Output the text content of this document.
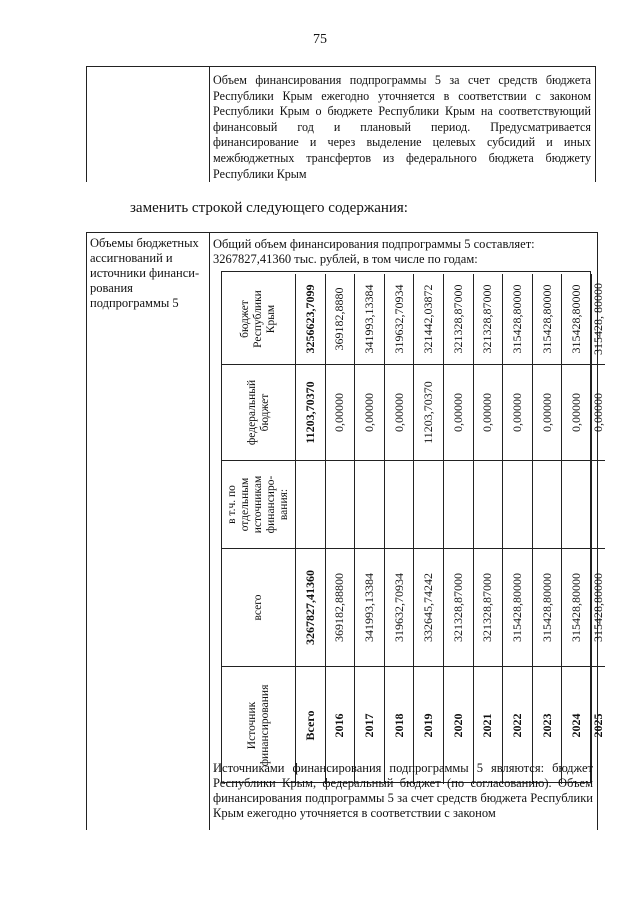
75

Объем финансирования подпрограммы 5 за счет средств бюджета Республики Крым ежегодно уточняется в соответствии с законом Республики Крым о бюджете Республики Крым на соответствующий финансовый год и плановый период. Предусматривается финансирование и через выделение целевых субсидий и иных межбюджетных трансфертов из федерального бюджета бюджету Республики Крым

заменить строкой следующего содержания:
Объемы бюджетных ассигнований и источники финанси-рования подпрограммы 5
Общий объем финансирования подпрограммы 5 составляет:
3267827,41360 тыс. рублей, в том числе по годам:
Источник финансирования
всего
в т.ч. по отдельным источникам финансиро-вания:
федеральный бюджет
бюджет Республики Крым
Всего
3267827,41360
11203,70370
3256623,7099
2016
369182,88800
0,00000
369182,8880
2017
341993,13384
0,00000
341993,13384
2018
319632,70934
0,00000
319632,70934
2019
332645,74242
11203,70370
321442,03872
2020
321328,87000
0,00000
321328,87000
2021
321328,87000
0,00000
321328,87000
2022
315428,80000
0,00000
315428,80000
2023
315428,80000
0,00000
315428,80000
2024
315428,80000
0,00000
315428,80000
2025
315428,80000
0,00000
315428, 80000

Источниками финансирования подпрограммы 5 являются: бюджет Республики Крым, федеральный бюджет (по согласованию). Объем финансирования подпрограммы 5 за счет средств бюджета Республики Крым ежегодно уточняется в соответствии с законом
